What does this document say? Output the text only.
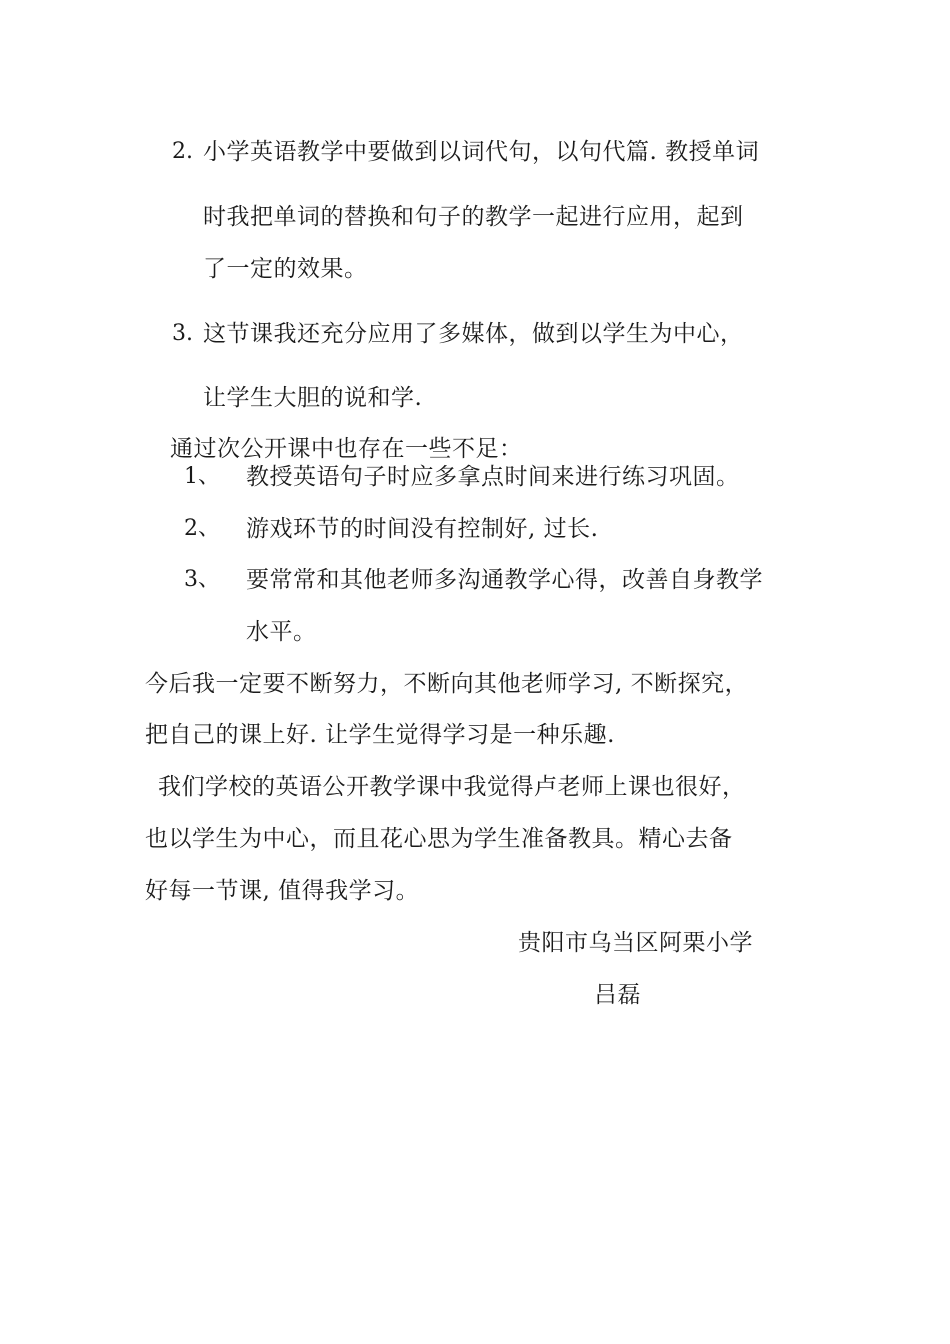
2. 小学英语教学中要做到以词代句，以句代篇. 教授单词
时我把单词的替换和句子的教学一起进行应用，起到
了一定的效果。
3. 这节课我还充分应用了多媒体，做到以学生为中心，
让学生大胆的说和学.
通过次公开课中也存在一些不足：
1、 教授英语句子时应多拿点时间来进行练习巩固。
2、 游戏环节的时间没有控制好, 过长.
3、 要常常和其他老师多沟通教学心得，改善自身教学
水平。
今后我一定要不断努力，不断向其他老师学习, 不断探究，
把自己的课上好. 让学生觉得学习是一种乐趣.
我们学校的英语公开教学课中我觉得卢老师上课也很好，
也以学生为中心，而且花心思为学生准备教具。精心去备
好每一节课, 值得我学习。
贵阳市乌当区阿栗小学
吕磊
